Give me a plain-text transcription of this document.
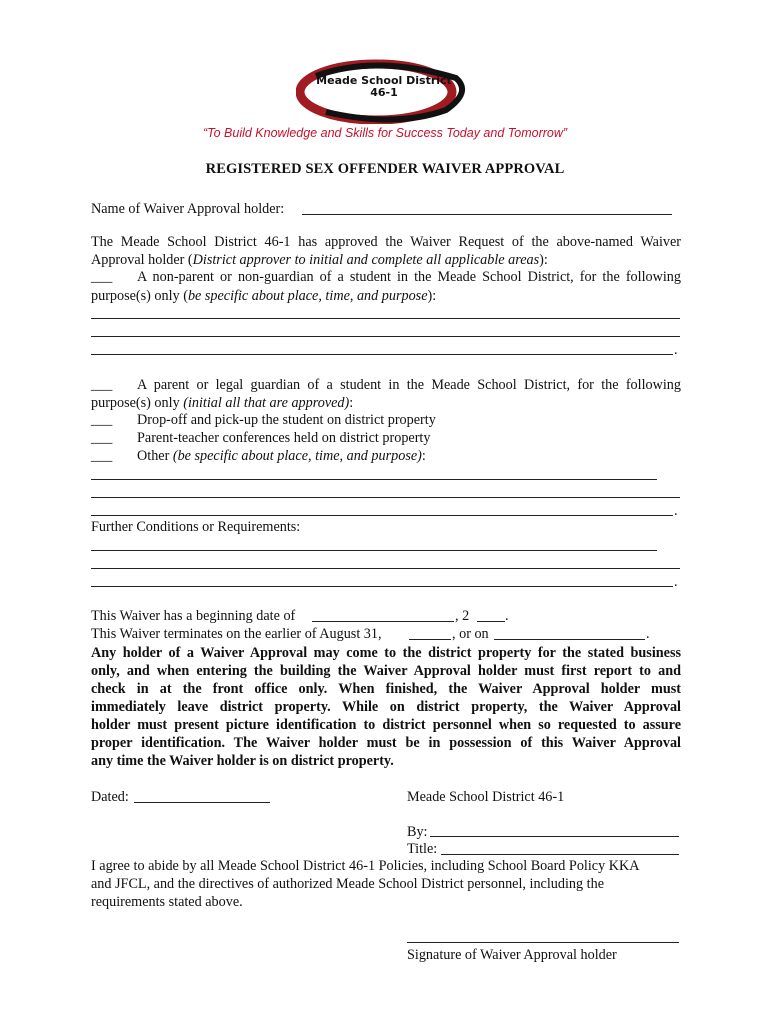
Meade School District
46-1
“To Build Knowledge and Skills for Success Today and Tomorrow”
REGISTERED SEX OFFENDER WAIVER APPROVAL
Name of Waiver Approval holder:
The Meade School District 46-1 has approved the Waiver Request of the above-named Waiver
Approval holder (District approver to initial and complete all applicable areas):
___ A non-parent or non-guardian of a student in the Meade School District, for the following
purpose(s) only (be specific about place, time, and purpose):
.
___ A parent or legal guardian of a student in the Meade School District, for the following
purpose(s) only (initial all that are approved):
___ Drop-off and pick-up the student on district property
___ Parent-teacher conferences held on district property
___ Other (be specific about place, time, and purpose):
.
Further Conditions or Requirements:
.
This Waiver has a beginning date of	, 2	.
This Waiver terminates on the earlier of August 31,	, or on	.
Any holder of a Waiver Approval may come to the district property for the stated business
only, and when entering the building the Waiver Approval holder must first report to and
check in at the front office only. When finished, the Waiver Approval holder must
immediately leave district property. While on district property, the Waiver Approval
holder must present picture identification to district personnel when so requested to assure
proper identification. The Waiver holder must be in possession of this Waiver Approval
any time the Waiver holder is on district property.
Dated:	Meade School District 46-1
By:
Title:
I agree to abide by all Meade School District 46-1 Policies, including School Board Policy KKA
and JFCL, and the directives of authorized Meade School District personnel, including the
requirements stated above.
Signature of Waiver Approval holder
